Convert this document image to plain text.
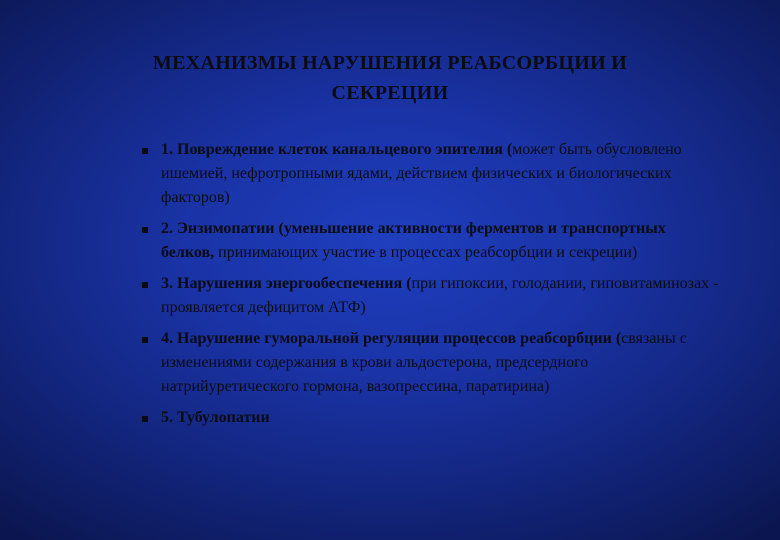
МЕХАНИЗМЫ НАРУШЕНИЯ РЕАБСОРБЦИИ И
СЕКРЕЦИИ
1. Повреждение клеток канальцевого эпителия (может быть обусловлено ишемией, нефротропными ядами, действием физических и биологических факторов)
2. Энзимопатии (уменьшение активности ферментов и транспортных белков, принимающих участие в процессах реабсорбции и секреции)
3. Нарушения энергообеспечения (при гипоксии, голодании, гиповитаминозах - проявляется дефицитом АТФ)
4. Нарушение гуморальной регуляции процессов реабсорбции (связаны с изменениями содержания в крови альдостерона, предсердного натрийуретического гормона, вазопрессина, паратирина)
5. Тубулопатии
